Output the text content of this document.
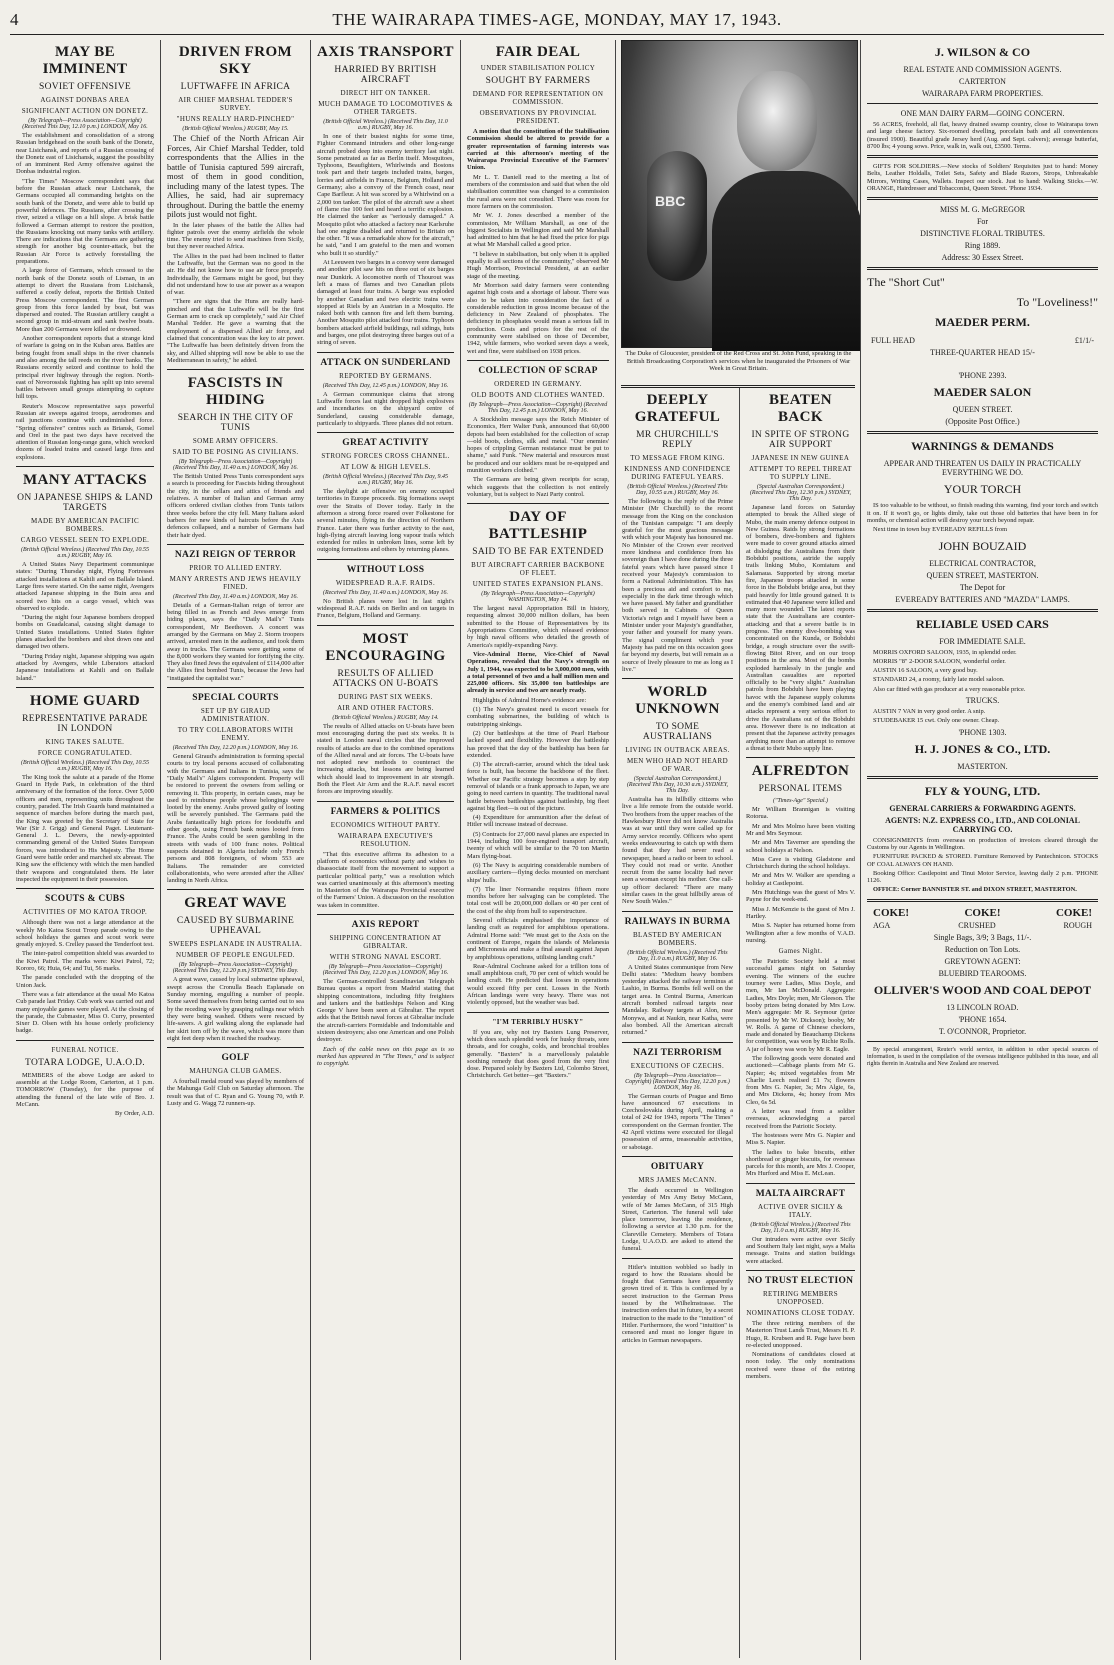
4	THE WAIRARAPA TIMES-AGE, MONDAY, MAY 17, 1943.
MAY BE IMMINENT
SOVIET OFFENSIVE
AGAINST DONBAS AREA
SIGNIFICANT ACTION ON DONETZ.
(By Telegraph—Press Association—Copyright) (Received This Day, 12.10 p.m.) LONDON, May 16.

The establishment and consolidation of a strong Russian bridgehead on the south bank of the Donetz, near Lisichansk, and reports of a Russian crossing of the Donetz east of Lisichansk, suggest the possibility of an imminent Red Army offensive against the Donbas industrial region.

"The Times" Moscow correspondent says that before the Russian attack near Lisichansk, the Germans occupied all commanding heights on the south bank of the Donetz, and were able to build up powerful defences. The Russians, after crossing the river, seized a village on a hill slope. A brisk battle followed a German attempt to restore the position, the Russians knocking out many tanks with artillery. There are indications that the Germans are gathering strength for another big counter-attack, but the Russian Air Force is actively forestalling the preparations.

A large force of Germans, which crossed to the north bank of the Donetz south of Lisman, in an attempt to divert the Russians from Lisichansk, suffered a costly defeat, reports the British United Press Moscow correspondent. The first German group from this force landed by boat, but was dispersed and routed. The Russian artillery caught a second group in mid-stream and sank twelve boats. More than 200 Germans were killed or drowned.

Another correspondent reports that a strange kind of warfare is going on in the Kuban area. Battles are being fought from small ships in the river channels and also among the tall reeds on the river banks. The Russians recently seized and continue to hold the principal river highway through the region. North-east of Novorossisk fighting has split up into several battles between small groups attempting to capture hill tops.

Reuter's Moscow representative says powerful Russian air sweeps against troops, aerodromes and rail junctions continue with undiminished force. "Spring offensive" centres such as Briansk, Gomel and Orel in the past two days have received the attention of Russian long-range guns, which wrecked dozens of loaded trains and caused large fires and explosions.

MANY ATTACKS
ON JAPANESE SHIPS & LAND TARGETS
MADE BY AMERICAN PACIFIC BOMBERS.
CARGO VESSEL SEEN TO EXPLODE.
(British Official Wireless.) (Received This Day, 10.55 a.m.) RUGBY, May 16.

A United States Navy Department communique states: "During Thursday night, Flying Fortresses attacked installations at Kahili and on Ballale Island. Large fires were started. On the same night, Avengers attacked Japanese shipping in the Buin area and scored two hits on a cargo vessel, which was observed to explode.

"During the night four Japanese bombers dropped bombs on Guadalcanal, causing slight damage to United States installations. United States fighter planes attacked the bombers and shot down one and damaged two others.

"During Friday night, Japanese shipping was again attacked by Avengers, while Liberators attacked Japanese installations at Kahili and on Ballale Island."

HOME GUARD
REPRESENTATIVE PARADE IN LONDON
KING TAKES SALUTE.
FORCE CONGRATULATED.
(British Official Wireless.) (Received This Day, 10.55 a.m.) RUGBY, May 16.

The King took the salute at a parade of the Home Guard in Hyde Park, in celebration of the third anniversary of the formation of the force. Over 5,000 officers and men, representing units throughout the country, paraded. The Irish Guards band maintained a sequence of marches before during the march past, the King was greeted by the Secretary of State for War (Sir J. Grigg) and General Paget. Lieutenant-General J. L. Devers, the newly-appointed commanding general of the United States European forces, was introduced to His Majesty. The Home Guard were battle order and marched six abreast. The King saw the efficiency with which the men handled their weapons and congratulated them. He later inspected the equipment in their possession.

SCOUTS & CUBS
ACTIVITIES OF MO KATOA TROOP.

Although there was not a large attendance at the weekly Mo Katoa Scout Troop parade owing to the school holidays the games and scout work were greatly enjoyed. S. Crelley passed the Tenderfoot test.

The inter-patrol competition shield was awarded to the Kiwi Patrol. The marks were: Kiwi Patrol, 72; Kororo, 66; Huia, 64; and Tui, 56 marks.

The parade concluded with the dropping of the Union Jack.

There was a fair attendance at the usual Mo Katoa Cub parade last Friday. Cub work was carried out and many enjoyable games were played. At the closing of the parade, the Cubmaster, Miss O. Curry, presented Sixer D. Olsen with his house orderly proficiency badge.

FUNERAL NOTICE.
TOTARA LODGE, U.A.O.D.

MEMBERS of the above Lodge are asked to assemble at the Lodge Room, Carterton, at 1 p.m. TOMORROW (Tuesday), for the purpose of attending the funeral of the late wife of Bro. J. McCann.

By Order, A.D.

DRIVEN FROM SKY
LUFTWAFFE IN AFRICA
AIR CHIEF MARSHAL TEDDER'S SURVEY.
"HUNS REALLY HARD-PINCHED"
(British Official Wireless.) RUGBY, May 15.

The Chief of the North African Air Forces, Air Chief Marshal Tedder, told correspondents that the Allies in the battle of Tunisia captured 599 aircraft, most of them in good condition, including many of the latest types. The Allies, he said, had air supremacy throughout. During the battle the enemy pilots just would not fight.

In the later phases of the battle the Allies had fighter patrols over the enemy airfields the whole time. The enemy tried to send machines from Sicily, but they never reached Africa.

The Allies in the past had been inclined to flatter the Luftwaffe, but the German was no good in the air. He did not know how to use air force properly. Individually, the Germans might be good, but they did not understand how to use air power as a weapon of war.

"There are signs that the Huns are really hard-pinched and that the Luftwaffe will be the first German arm to crack up completely," said Air Chief Marshal Tedder. He gave a warning that the employment of a dispersed Allied air force, and claimed that concentration was the key to air power. "The Luftwaffe has been definitely driven from the sky, and Allied shipping will now be able to use the Mediterranean in safety," he added.

FASCISTS IN HIDING
SEARCH IN THE CITY OF TUNIS
SOME ARMY OFFICERS.
SAID TO BE POSING AS CIVILIANS.
(By Telegraph—Press Association—Copyright) (Received This Day, 11.40 a.m.) LONDON, May 16.

The British United Press Tunis correspondent says a search is proceeding for Fascists hiding throughout the city, in the cellars and attics of friends and relatives. A number of Italian and German army officers ordered civilian clothes from Tunis tailors three weeks before the city fell. Many Italians asked barbers for new kinds of haircuts before the Axis defences collapsed, and a number of Germans had their hair dyed.

NAZI REIGN OF TERROR
PRIOR TO ALLIED ENTRY.
MANY ARRESTS AND JEWS HEAVILY FINED.
(Received This Day, 11.40 a.m.) LONDON, May 16.

Details of a German-Italian reign of terror are being filled in as French and Jews emerge from hiding places, says the "Daily Mail's" Tunis correspondent, Mr Beethoven. A concert was arranged by the Germans on May 2. Storm troopers arrived, arrested men in the audience, and took them away in trucks. The Germans were getting some of the 8,000 workers they wanted for fortifying the city. They also fined Jews the equivalent of £114,000 after the Allies first bombed Tunis, because the Jews had "instigated the capitalist war."

SPECIAL COURTS
SET UP BY GIRAUD ADMINISTRATION.
TO TRY COLLABORATORS WITH ENEMY.
(Received This Day, 12.20 p.m.) LONDON, May 16.

General Giraud's administration is forming special courts to try local persons accused of collaborating with the Germans and Italians in Tunisia, says the "Daily Mail's" Algiers correspondent. Property will be restored to prevent the owners from selling or removing it. This property, in certain cases, may be used to reimburse people whose belongings were looted by the enemy. Arabs proved guilty of looting will be severely punished. The Germans paid the Arabs fantastically high prices for foodstuffs and other goods, using French bank notes looted from France. The Arabs could be seen gambling in the streets with wads of 100 franc notes. Political suspects detained in Algeria include only French persons and 808 foreigners, of whom 553 are Italians. The remainder are convicted collaborationists, who were arrested after the Allies' landing in North Africa.

GREAT WAVE
CAUSED BY SUBMARINE UPHEAVAL
SWEEPS ESPLANADE IN AUSTRALIA.
NUMBER OF PEOPLE ENGULFED.
(By Telegraph—Press Association—Copyright) (Received This Day, 12.20 p.m.) SYDNEY, This Day.

A great wave, caused by local submarine upheaval, swept across the Cronulla Beach Esplanade on Sunday morning, engulfing a number of people. Some saved themselves from being carried out to sea by the receding wave by grasping railings near which they were being washed. Others were rescued by life-savers. A girl walking along the esplanade had her skirt torn off by the wave, which was more than eight feet deep when it reached the roadway.

GOLF
MAHUNGA CLUB GAMES.

A fourball medal round was played by members of the Mahunga Golf Club on Saturday afternoon. The result was that of C. Ryan and G. Young 70, with P. Lusty and G. Wagg 72 runners-up.

AXIS TRANSPORT
HARRIED BY BRITISH AIRCRAFT
DIRECT HIT ON TANKER.
MUCH DAMAGE TO LOCOMOTIVES & OTHER TARGETS.
(British Official Wireless.) (Received This Day, 11.0 a.m.) RUGBY, May 16.

In one of their busiest nights for some time, Fighter Command intruders and other long-range aircraft probed deep into enemy territory last night. Some penetrated as far as Berlin itself. Mosquitoes, Typhoons, Beaufighters, Whirlwinds and Bostons took part and their targets included trains, barges, lorries and airfields in France, Belgium, Holland and Germany; also a convoy of the French coast, near Cape Barfleur. A hit was scored by a Whirlwind on a 2,000 ton tanker. The pilot of the aircraft saw a sheet of flame rise 100 feet and heard a terrific explosion. He claimed the tanker as "seriously damaged." A Mosquito pilot who attacked a factory near Karlsruhe had one engine disabled and returned to Britain on the other. "It was a remarkable show for the aircraft," he said, "and I am grateful to the men and women who built it so sturdily."

At Leeuwen two barges in a convoy were damaged and another pilot saw hits on three out of six barges near Dunkirk. A locomotive north of Thourout was left a mass of flames and two Canadian pilots damaged at least four trains. A barge was exploded by another Canadian and two electric trains were stopped at Riels by an Austrian in a Mosquito. He raked both with cannon fire and left them burning. Another Mosquito pilot attacked four trains. Typhoon bombers attacked airfield buildings, rail sidings, huts and barges, one pilot destroying three barges out of a string of seven.

ATTACK ON SUNDERLAND
REPORTED BY GERMANS.
(Received This Day, 12.45 p.m.) LONDON, May 16.

A German communique claims that strong Luftwaffe forces last night dropped high explosives and incendiaries on the shipyard centre of Sunderland, causing considerable damage, particularly to shipyards. Three planes did not return.

GREAT ACTIVITY
STRONG FORCES CROSS CHANNEL.
AT LOW & HIGH LEVELS.
(British Official Wireless.) (Received This Day, 9.45 a.m.) RUGBY, May 16.

The daylight air offensive on enemy occupied territories in Europe proceeds. Big formations swept over the Straits of Dover today. Early in the afternoon a strong force roared over Folkestone for several minutes, flying in the direction of Northern France. Later there was further activity to the east, high-flying aircraft leaving long vapour trails which extended for miles in unbroken lines, some left by outgoing formations and others by returning planes.

WITHOUT LOSS
WIDESPREAD R.A.F. RAIDS.
(Received This Day, 11.40 a.m.) LONDON, May 16.

No British planes were lost in last night's widespread R.A.F. raids on Berlin and on targets in France, Belgium, Holland and Germany.

MOST ENCOURAGING
RESULTS OF ALLIED ATTACKS ON U-BOATS
DURING PAST SIX WEEKS.
AIR AND OTHER FACTORS.
(British Official Wireless.) RUGBY, May 14.

The results of Allied attacks on U-boats have been most encouraging during the past six weeks. It is stated in London naval circles that the improved results of attacks are due to the combined operations of the Allied naval and air forces. The U-boats have not adopted new methods to counteract the increasing attacks, but lessons are being learned which should lead to improvement in air strength. Both the Fleet Air Arm and the R.A.F. naval escort forces are improving steadily.

FARMERS & POLITICS
ECONOMICS WITHOUT PARTY.
WAIRARAPA EXECUTIVE'S RESOLUTION.

"That this executive affirms its adhesion to a platform of economics without party and wishes to disassociate itself from the movement to support a particular political party," was a resolution which was carried unanimously at this afternoon's meeting in Masterton of the Wairarapa Provincial executive of the Farmers' Union. A discussion on the resolution was taken in committee.

AXIS REPORT
SHIPPING CONCENTRATION AT GIBRALTAR.
WITH STRONG NAVAL ESCORT.
(By Telegraph—Press Association—Copyright) (Received This Day, 12.20 p.m.) LONDON, May 16.

The German-controlled Scandinavian Telegraph Bureau quotes a report from Madrid stating that shipping concentrations, including fifty freighters and tankers and the battleships Nelson and King George V have been seen at Gibraltar. The report adds that the British naval forces at Gibraltar include the aircraft-carriers Formidable and Indomitable and sixteen destroyers; also one American and one Polish destroyer.

Each of the cable news on this page as is so marked has appeared in "The Times," and is subject to copyright.

FAIR DEAL
UNDER STABILISATION POLICY
SOUGHT BY FARMERS
DEMAND FOR REPRESENTATION ON COMMISSION.
OBSERVATIONS BY PROVINCIAL PRESIDENT.

A motion that the constitution of the Stabilisation Commission should be altered to provide for a greater representation of farming interests was carried at this afternoon's meeting of the Wairarapa Provincial Executive of the Farmers' Union.

Mr L. T. Daniell read to the meeting a list of members of the commission and said that when the old stabilisation committee was changed to a commission the rural area were not consulted. There was room for more farmers on the commission.

Mr W. J. Jones described a member of the commission, Mr William Marshall, as one of the biggest Socialists in Wellington and said Mr Marshall had admitted to him that he had fixed the price for pigs at what Mr Marshall called a good price.

"I believe in stabilisation, but only when it is applied equally to all sections of the community," observed Mr Hugh Morrison, Provincial President, at an earlier stage of the meeting.

Mr Morrison said dairy farmers were contending against high costs and a shortage of labour. There was also to be taken into consideration the fact of a considerable reduction in gross income because of the deficiency in New Zealand of phosphates. The deficiency in phosphates would mean a serious fall in production. Costs and prices for the rest of the community were stabilised on those of December, 1942, while farmers, who worked seven days a week, wet and fine, were stabilised on 1938 prices.

COLLECTION OF SCRAP
ORDERED IN GERMANY.
OLD BOOTS AND CLOTHES WANTED.
(By Telegraph—Press Association—Copyright) (Received This Day, 12.45 p.m.) LONDON, May 16.

A Stockholm message says the Reich Minister of Economics, Herr Walter Funk, announced that 60,000 depots had been established for the collection of scrap—old boots, clothes, silk and metal. "Our enemies' hopes of crippling German resistance must be put to shame," said Funk. "New material and resources must be produced and our soldiers must be re-equipped and munition workers clothed."

The Germans are being given receipts for scrap, which suggests that the collection is not entirely voluntary, but is subject to Nazi Party control.

DAY OF BATTLESHIP
SAID TO BE FAR EXTENDED
BUT AIRCRAFT CARRIER BACKBONE OF FLEET.
UNITED STATES EXPANSION PLANS.
(By Telegraph—Press Association—Copyright) WASHINGTON, May 14.

The largest naval Appropriation Bill in history, requesting almost 30,000 million dollars, has been submitted to the House of Representatives by its Appropriations Committee, which released evidence by high naval officers who detailed the growth of America's rapidly-expanding Navy.

Vice-Admiral Horne, Vice-Chief of Naval Operations, revealed that the Navy's strength on July 1, 1944, was expected to be 3,000,000 men, with a total personnel of two and a half million men and 225,000 officers. Six 35,000 ton battleships are already in service and two are nearly ready.

Highlights of Admiral Horne's evidence are:

(1) The Navy's greatest need is escort vessels for combating submarines, the building of which is outstripping sinkings.

(2) Our battleships at the time of Pearl Harbour lacked speed and flexibility. However the battleship has proved that the day of the battleship has been far extended.

(3) The aircraft-carrier, around which the ideal task force is built, has become the backbone of the fleet. Whether our Pacific strategy becomes a step by step removal of islands or a frank approach to Japan, we are going to need carriers in quantity. The traditional naval battle between battleships against battleship, big fleet against big fleet—is out of the picture.

(4) Expenditure for ammunition after the defeat of Hitler will increase instead of decrease.

(5) Contracts for 27,000 naval planes are expected in 1944, including 100 four-engined transport aircraft, twenty of which will be similar to the 70 ton Martin Mars flying-boat.

(6) The Navy is acquiring considerable numbers of auxiliary carriers—flying decks mounted on merchant ships' hulls.

(7) The liner Normandie requires fifteen more months before her salvaging can be completed. The total cost will be 20,000,000 dollars or 40 per cent of the cost of the ship from hull to superstructure.

Several officials emphasised the importance of landing craft as required for amphibious operations. Admiral Horne said: "We must get to the Axis on the continent of Europe, regain the islands of Melanesia and Micronesia and make a final assault against Japan by amphibious operations, utilising landing craft."

Rear-Admiral Cochrane asked for a trillion tons of small amphibious craft, 70 per cent of which would be landing craft. He predicted that losses in operations would exceed fifty per cent. Losses in the North African landings were very heavy. There was not violently opposed, but the weather was bad.

"I'M TERRIBLY HUSKY"

If you are, why not try Baxters Lung Preserver, which does such splendid work for husky throats, sore throats, and for coughs, colds, and bronchial troubles generally. "Baxters" is a marvellously palatable soothing remedy that does good from the very first dose. Prepared solely by Baxters Ltd, Colombo Street, Christchurch. Get better—get "Baxters."

BBC
The Duke of Gloucester, president of the Red Cross and St. John Fund, speaking in the British Broadcasting Corporation's services when he inaugurated the Prisoners of War Week in Great Britain.
DEEPLY GRATEFUL
MR CHURCHILL'S REPLY
TO MESSAGE FROM KING.
KINDNESS AND CONFIDENCE DURING FATEFUL YEARS.
(British Official Wireless.) (Received This Day, 10.55 a.m.) RUGBY, May 16.

The following is the reply of the Prime Minister (Mr Churchill) to the recent message from the King on the conclusion of the Tunisian campaign: "I am deeply grateful for the most gracious message with which your Majesty has honoured me. No Minister of the Crown ever received more kindness and confidence from his sovereign than I have done during the three fateful years which have passed since I received your Majesty's commission to form a National Administration. This has been a precious aid and comfort to me, especially in the dark time through which we have passed. My father and grandfather both served in Cabinets of Queen Victoria's reign and I myself have been a Minister under your Majesty's grandfather, your father and yourself for many years. The signal compliment which your Majesty has paid me on this occasion goes far beyond my deserts, but will remain as a source of lively pleasure to me as long as I live."

WORLD UNKNOWN
TO SOME AUSTRALIANS
LIVING IN OUTBACK AREAS.
MEN WHO HAD NOT HEARD OF WAR.
(Special Australian Correspondent.) (Received This Day, 10.30 a.m.) SYDNEY, This Day.

Australia has its hillbilly citizens who live a life remote from the outside world. Two brothers from the upper reaches of the Hawkesbury River did not know Australia was at war until they were called up for Army service recently. Officers who spent weeks endeavouring to catch up with them found that they had never read a newspaper, heard a radio or been to school. They could not read or write. Another recruit from the same locality had never seen a woman except his mother. One call-up officer declared: "There are many similar cases in the great hillbilly areas of New South Wales."

RAILWAYS IN BURMA
BLASTED BY AMERICAN BOMBERS.
(British Official Wireless.) (Received This Day, 11.0 a.m.) RUGBY, May 16.

A United States communique from New Delhi states: "Medium heavy bombers yesterday attacked the railway terminus at Lashio, in Burma. Bombs fell well on the target area. In Central Burma, American aircraft bombed railroad targets near Mandalay. Railway targets at Alon, near Monywa, and at Naukin, near Katha, were also bombed. All the American aircraft returned."

NAZI TERRORISM
EXECUTIONS OF CZECHS.
(By Telegraph—Press Association—Copyright) (Received This Day, 12.20 p.m.) LONDON, May 16.

The German courts of Prague and Brno have announced 67 executions in Czechoslovakia during April, making a total of 242 for 1943, reports "The Times" correspondent on the German frontier. The 42 April victims were executed for illegal possession of arms, treasonable activities, or sabotage.

OBITUARY
MRS JAMES McCANN.

The death occurred in Wellington yesterday of Mrs Amy Betsy McCann, wife of Mr James McCann, of 315 High Street, Carterton. The funeral will take place tomorrow, leaving the residence, following a service at 1.30 p.m. for the Clareville Cemetery. Members of Totara Lodge, U.A.O.D. are asked to attend the funeral.

Hitler's intuition wobbled so badly in regard to how the Russians should be fought that Germans have apparently grown tired of it. This is confirmed by a secret instruction to the German Press issued by the Wilhelmstrasse. The instruction orders that in future, by a secret instruction to the made to the "intuition" of Hitler. Furthermore, the word "intuition" is censored and must no longer figure in articles in German newspapers.

BEATEN BACK
IN SPITE OF STRONG AIR SUPPORT
JAPANESE IN NEW GUINEA
ATTEMPT TO REPEL THREAT TO SUPPLY LINE.
(Special Australian Correspondent.) (Received This Day, 12.30 p.m.) SYDNEY, This Day.

Japanese land forces on Saturday attempted to break the Allied siege of Mubo, the main enemy defence outpost in New Guinea. Raids by strong formations of bombers, dive-bombers and fighters were made to cover ground attacks aimed at dislodging the Australians from their Bobdubi positions, astride the supply trails linking Mubo, Komiatum and Salamaua. Supported by strong mortar fire, Japanese troops attacked in some force in the Bobdubi bridge area, but they paid heavily for little ground gained. It is estimated that 40 Japanese were killed and many more wounded. The latest reports state that the Australians are counter-attacking and that a severe battle is in progress. The enemy dive-bombing was concentrated on the Kunda, or Bobdubi bridge, a rough structure over the swift-flowing Bitoi River, and on our troop positions in the area. Most of the bombs exploded harmlessly in the jungle and Australian casualties are reported officially to be "very slight." Australian patrols from Bobdubi have been playing havoc with the Japanese supply columns and the enemy's combined land and air attacks represent a very serious effort to drive the Australians out of the Bobdubi area. However there is no indication at present that the Japanese activity presages anything more than an attempt to remove a threat to their Mubo supply line.

ALFREDTON
PERSONAL ITEMS
("Times-Age" Special.)

Mr William Brannigan is visiting Rotorua.

Mr and Mrs Molmo have been visiting Mr and Mrs Seymour.

Mr and Mrs Taverner are spending the school holidays at Nelson.

Miss Cave is visiting Gladstone and Christchurch during the school holidays.

Mr and Mrs W. Walker are spending a holiday at Castlepoint.

Mrs Hutchings was the guest of Mrs V. Payne for the week-end.

Miss J. McKenzie is the guest of Mrs J. Hartley.

Miss S. Napier has returned home from Wellington after a few months of V.A.D. nursing.

Games Night.

The Patriotic Society held a most successful games night on Saturday evening. The winners of the euchre tourney were Ladies, Miss Doyle, and men, Mr Ian McDonald. Aggregate: Ladies, Mrs Doyle; men, Mr Gleeson. The booby prizes being donated by Mrs Low. Men's aggregate: Mr R. Seymour (prize presented by Mr W. Dickson); booby, Mr W. Rolls. A game of Chinese checkers, made and donated by Beauchamp Dickens for competition, was won by Richie Rolls. A jar of honey was won by Mr R. Eagle.

The following goods were donated and auctioned:—Cabbage plants from Mr G. Napier; 4s; mixed vegetables from Mr Charlie Leech realised £1 7s; flowers from Mrs G. Napier, 3s; Mrs Algie, 6s, and Mrs Dickens, 4s; honey from Mrs Cleo, 6s 5d.

A letter was read from a soldier overseas, acknowledging a parcel received from the Patriotic Society.

The hostesses were Mrs G. Napier and Miss S. Napier.

The ladies to bake biscuits, either shortbread or ginger biscuits, for overseas parcels for this month, are Mrs J. Cooper, Mrs Hurford and Miss E. McLean.

MALTA AIRCRAFT
ACTIVE OVER SICILY & ITALY.
(British Official Wireless.) (Received This Day, 11.0 a.m.) RUGBY, May 16.

Our intruders were active over Sicily and Southern Italy last night, says a Malta message. Trains and station buildings were attacked.

NO TRUST ELECTION
RETIRING MEMBERS UNOPPOSED.
NOMINATIONS CLOSE TODAY.

The three retiring members of the Masterton Trust Lands Trust, Messrs H. P. Hugo, R. Krubsen and R. Page have been re-elected unopposed.

Nominations of candidates closed at noon today. The only nominations received were those of the retiring members.

J. WILSON & CO
REAL ESTATE AND COMMISSION AGENTS.
CARTERTON
WAIRARAPA FARM PROPERTIES.
ONE MAN DAIRY FARM—GOING CONCERN.

56 ACRES, freehold, all flat, heavy drained swamp country, close to Wairarapa town and large cheese factory. Six-roomed dwelling, porcelain bath and all conveniences (insured 1900). Beautiful grade Jersey herd (Aug. and Sept. calvers); average butterfat, 8700 lbs; 4 young sows. Price, walk in, walk out, £3500. Terms.

GIFTS FOR SOLDIERS.—New stocks of Soldiers' Requisites just to hand: Money Belts, Leather Holdalls, Toilet Sets, Safety and Blade Razors, Strops, Unbreakable Mirrors, Writing Cases, Wallets. Inspect our stock. Just to hand: Walking Sticks.—W. ORANGE, Hairdresser and Tobacconist, Queen Street. 'Phone 1934.

MISS M. G. McGREGOR
For
DISTINCTIVE FLORAL TRIBUTES.
Ring 1889.
Address: 30 Essex Street.
The "Short Cut"
To "Loveliness!"
MAEDER PERM.
FULL HEAD	£1/1/-
THREE-QUARTER HEAD 15/-
'PHONE 2393.
MAEDER SALON
QUEEN STREET.
(Opposite Post Office.)
WARNINGS & DEMANDS
APPEAR AND THREATEN US DAILY IN PRACTICALLY EVERYTHING WE DO.
YOUR TORCH

IS too valuable to be without, so finish reading this warning, find your torch and switch it on. If it won't go, or lights dimly, take out those old batteries that have been in for months, or chemical action will destroy your torch beyond repair.

Next time in town buy EVEREADY REFILLS from

JOHN BOUZAID
ELECTRICAL CONTRACTOR,
QUEEN STREET, MASTERTON.
The Depot for
EVEREADY BATTERIES AND "MAZDA" LAMPS.
RELIABLE USED CARS
FOR IMMEDIATE SALE.

MORRIS OXFORD SALOON, 1935, in splendid order.

MORRIS "8" 2-DOOR SALOON, wonderful order.

AUSTIN 16 SALOON, a very good buy.

STANDARD 24, a roomy, fairly late model saloon.

Also car fitted with gas producer at a very reasonable price.

TRUCKS.

AUSTIN 7 VAN in very good order. A snip.

STUDEBAKER 15 cwt. Only one owner. Cheap.

'PHONE 1303.
H. J. JONES & CO., LTD.
MASTERTON.
FLY & YOUNG, LTD.
GENERAL CARRIERS & FORWARDING AGENTS.
AGENTS: N.Z. EXPRESS CO., LTD., AND COLONIAL CARRYING CO.

CONSIGNMENTS from overseas on production of invoices cleared through the Customs by our Agents in Wellington.

FURNITURE PACKED & STORED. Furniture Removed by Pantechnicon. STOCKS OF COAL ALWAYS ON HAND.

Booking Office: Castlepoint and Tinui Motor Service, leaving daily 2 p.m. 'PHONE 1126.

OFFICE: Corner BANNISTER ST. and DIXON STREET, MASTERTON.

COKE!	COKE!	COKE!
AGA	CRUSHED	ROUGH
Single Bags, 3/9; 3 Bags, 11/-.
Reduction on Ton Lots.
GREYTOWN AGENT:
BLUEBIRD TEAROOMS.
OLLIVER'S WOOD AND COAL DEPOT
13 LINCOLN ROAD.
'PHONE 1654.
T. O'CONNOR, Proprietor.

By special arrangement, Reuter's world service, in addition to other special sources of information, is used in the compilation of the overseas intelligence published in this issue, and all rights therein in Australia and New Zealand are reserved.
